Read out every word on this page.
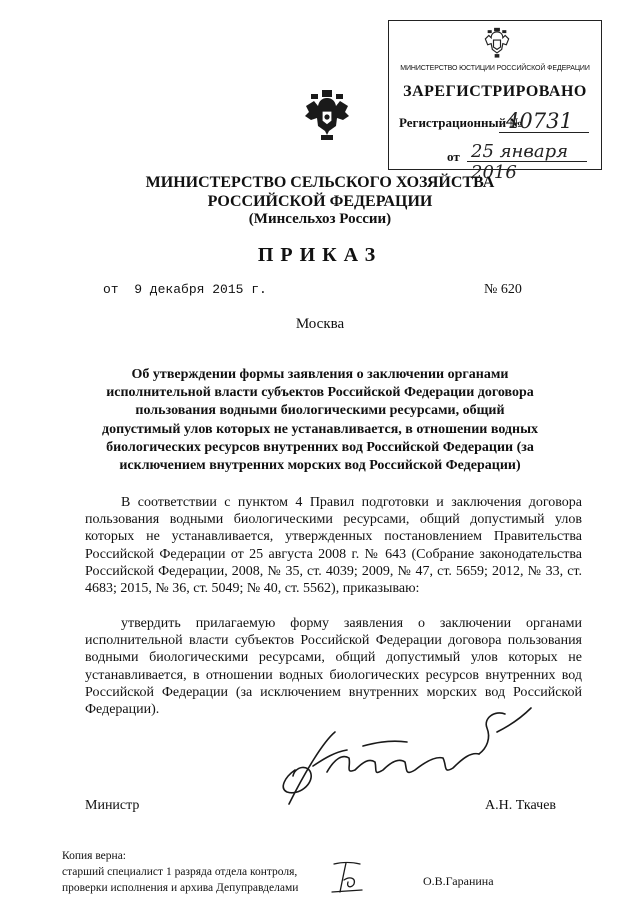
МИНИСТЕРСТВО ЮСТИЦИИ РОССИЙСКОЙ ФЕДЕРАЦИИ
ЗАРЕГИСТРИРОВАНО
Регистрационный №
40731
от 25 января 2016
МИНИСТЕРСТВО СЕЛЬСКОГО ХОЗЯЙСТВА
РОССИЙСКОЙ ФЕДЕРАЦИИ
(Минсельхоз России)
ПРИКАЗ
от  9 декабря 2015 г.	№ 620
Москва
Об утверждении формы заявления о заключении органами исполнительной власти субъектов Российской Федерации договора пользования водными биологическими ресурсами, общий допустимый улов которых не устанавливается, в отношении водных биологических ресурсов внутренних вод Российской Федерации (за исключением внутренних морских вод Российской Федерации)
В соответствии с пунктом 4 Правил подготовки и заключения договора пользования водными биологическими ресурсами, общий допустимый улов которых не устанавливается, утвержденных постановлением Правительства Российской Федерации от 25 августа 2008 г. № 643 (Собрание законодательства Российской Федерации, 2008, № 35, ст. 4039; 2009, № 47, ст. 5659; 2012, № 33, ст. 4683; 2015, № 36, ст. 5049; № 40, ст. 5562), приказываю:
утвердить прилагаемую форму заявления о заключении органами исполнительной власти субъектов Российской Федерации договора пользования водными биологическими ресурсами, общий допустимый улов которых не устанавливается, в отношении водных биологических ресурсов внутренних вод Российской Федерации (за исключением внутренних морских вод Российской Федерации).
Министр	А.Н. Ткачев
Копия верна:
старший специалист 1 разряда отдела контроля,
проверки исполнения и архива Депуправделами	О.В.Гаранина
